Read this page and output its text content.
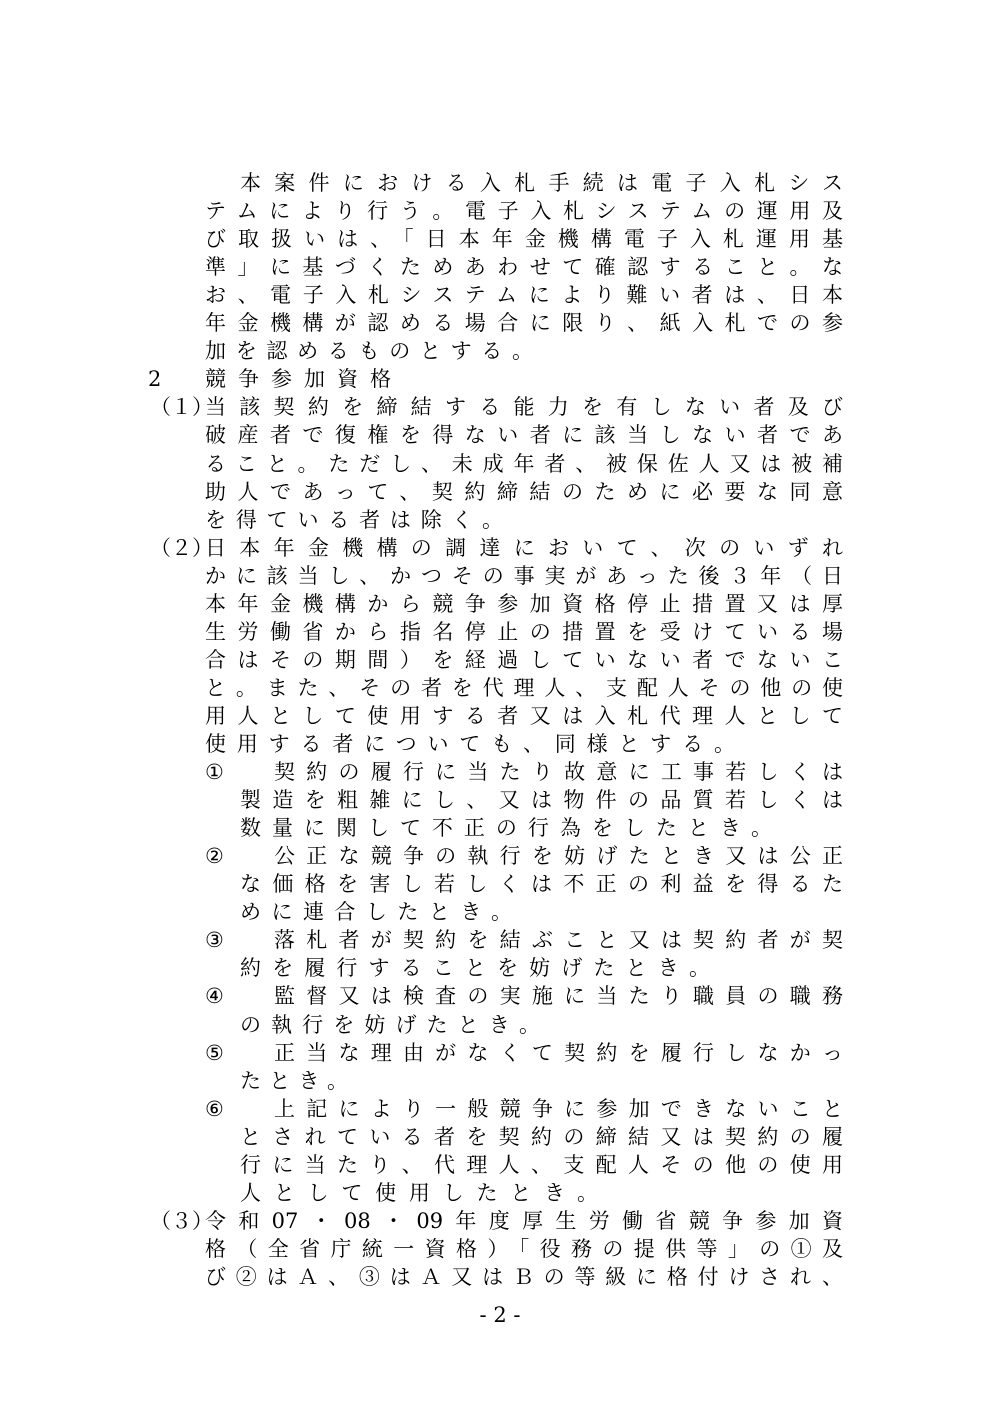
本案件における入札手続は電子入札シス
テムにより行う。電子入札システムの運用及
び取扱いは、「日本年金機構電子入札運用基
準」に基づくためあわせて確認すること。な
お、電子入札システムにより難い者は、日本
年金機構が認める場合に限り、紙入札での参
加を認めるものとする。
2 競争参加資格
（１）
当該契約を締結する能力を有しない者及び
破産者で復権を得ない者に該当しない者であ
ること。ただし、未成年者、被保佐人又は被補
助人であって、契約締結のために必要な同意
を得ている者は除く。
（２）
日本年金機構の調達において、次のいずれ
かに該当し、かつその事実があった後３年（日
本年金機構から競争参加資格停止措置又は厚
生労働省から指名停止の措置を受けている場
合はその期間）を経過していない者でないこ
と。また、その者を代理人、支配人その他の使
用人として使用する者又は入札代理人として
使用する者についても、同様とする。
① 契約の履行に当たり故意に工事若しくは
製造を粗雑にし、又は物件の品質若しくは
数量に関して不正の行為をしたとき。
② 公正な競争の執行を妨げたとき又は公正
な価格を害し若しくは不正の利益を得るた
めに連合したとき。
③ 落札者が契約を結ぶこと又は契約者が契
約を履行することを妨げたとき。
④ 監督又は検査の実施に当たり職員の職務
の執行を妨げたとき。
⑤ 正当な理由がなくて契約を履行しなかっ
たとき。
⑥ 上記により一般競争に参加できないこと
とされている者を契約の締結又は契約の履
行に当たり、代理人、支配人その他の使用
人として使用したとき。
（３）
令和07・08・09年度厚生労働省競争参加資
格（全省庁統一資格）「役務の提供等」の①及
び②はＡ、③はＡ又はＢの等級に格付けされ、
- 2 -
